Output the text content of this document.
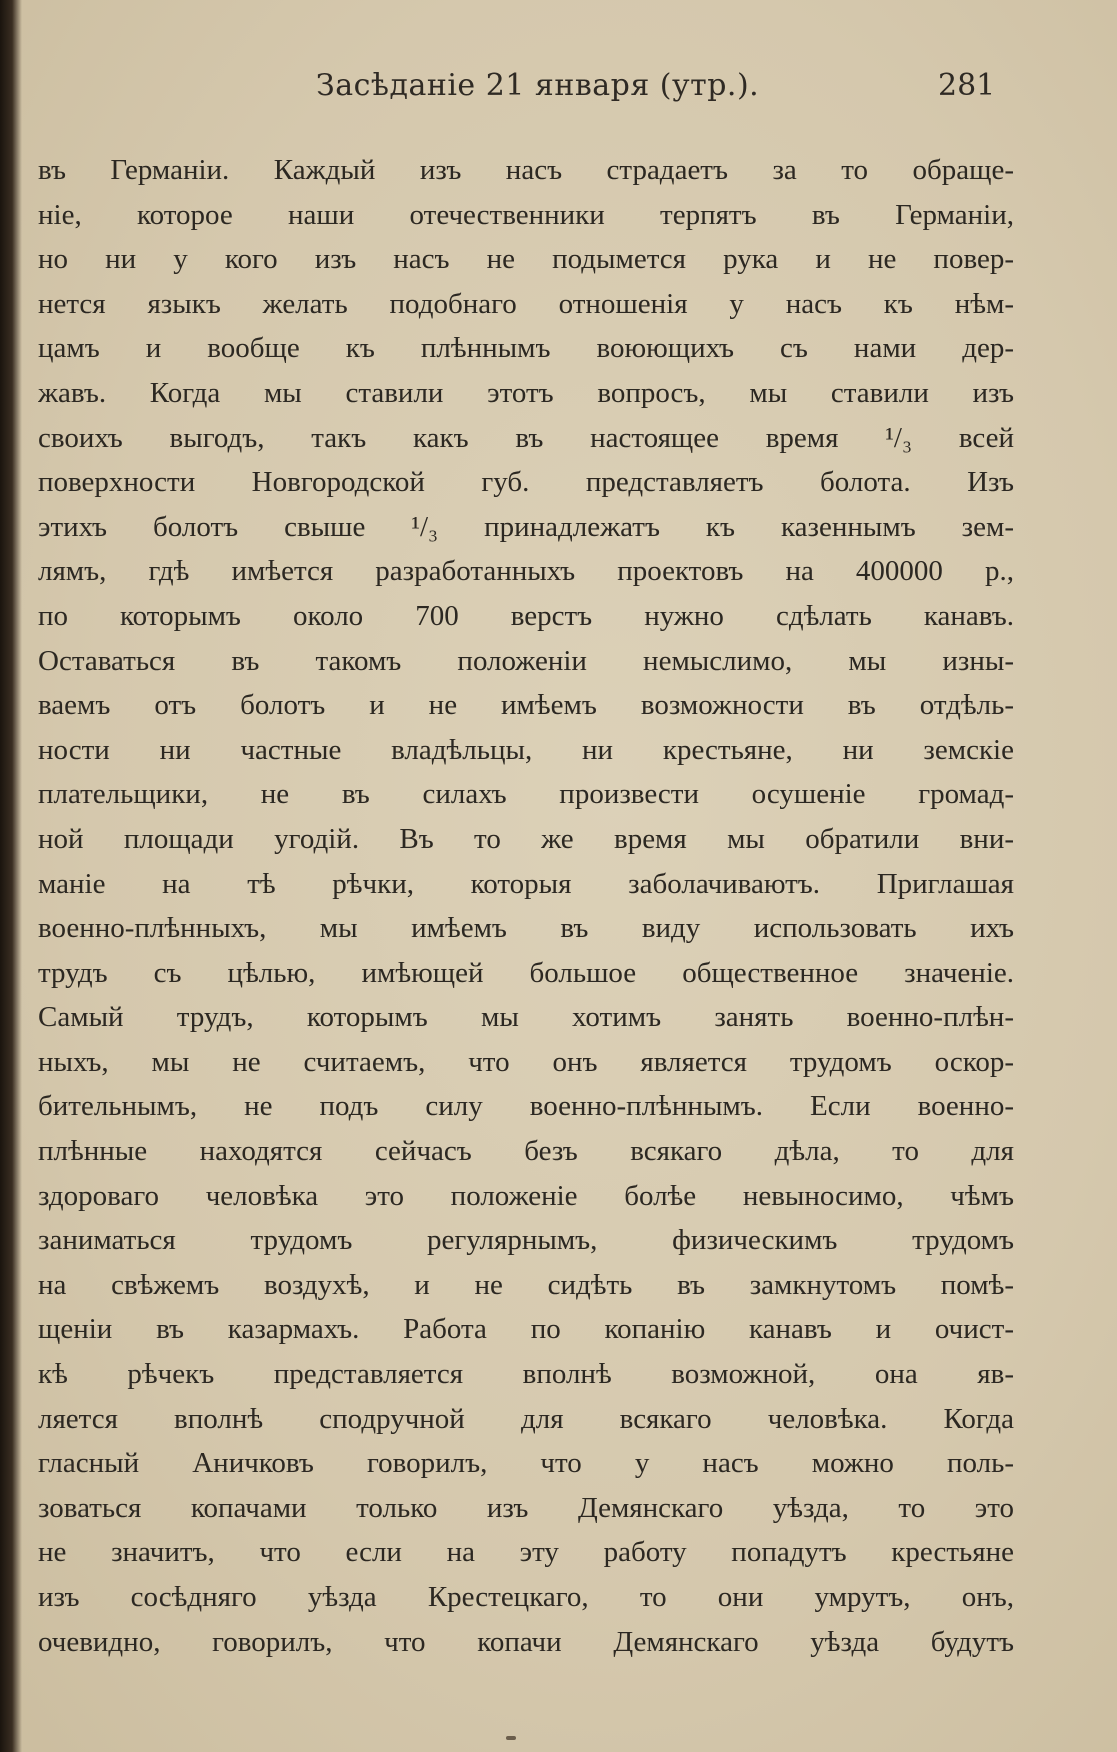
Засѣданіе 21 января (утр.).	281
въ Германіи. Каждый изъ насъ страдаетъ за то обраще-
ніе, которое наши отечественники терпятъ въ Германіи,
но ни у кого изъ насъ не подымется рука и не повер-
нется языкъ желать подобнаго отношенія у насъ къ нѣм-
цамъ и вообще къ плѣннымъ воюющихъ съ нами дер-
жавъ. Когда мы ставили этотъ вопросъ, мы ставили изъ
своихъ выгодъ, такъ какъ въ настоящее время ¹/₃ всей
поверхности Новгородской губ. представляетъ болота. Изъ
этихъ болотъ свыше ¹/₃ принадлежатъ къ казеннымъ зем-
лямъ, гдѣ имѣется разработанныхъ проектовъ на 400000 р.,
по которымъ около 700 верстъ нужно сдѣлать канавъ.
Оставаться въ такомъ положеніи немыслимо, мы изны-
ваемъ отъ болотъ и не имѣемъ возможности въ отдѣль-
ности ни частные владѣльцы, ни крестьяне, ни земскіе
плательщики, не въ силахъ произвести осушеніе громад-
ной площади угодій. Въ то же время мы обратили вни-
маніе на тѣ рѣчки, которыя заболачиваютъ. Приглашая
военно-плѣнныхъ, мы имѣемъ въ виду использовать ихъ
трудъ съ цѣлью, имѣющей большое общественное значеніе.
Самый трудъ, которымъ мы хотимъ занять военно-плѣн-
ныхъ, мы не считаемъ, что онъ является трудомъ оскор-
бительнымъ, не подъ силу военно-плѣннымъ. Если военно-
плѣнные находятся сейчасъ безъ всякаго дѣла, то для
здороваго человѣка это положеніе болѣе невыносимо, чѣмъ
заниматься трудомъ регулярнымъ, физическимъ трудомъ
на свѣжемъ воздухѣ, и не сидѣть въ замкнутомъ помѣ-
щеніи въ казармахъ. Работа по копанію канавъ и очист-
кѣ рѣчекъ представляется вполнѣ возможной, она яв-
ляется вполнѣ сподручной для всякаго человѣка. Когда
гласный Аничковъ говорилъ, что у насъ можно поль-
зоваться копачами только изъ Демянскаго уѣзда, то это
не значитъ, что если на эту работу попадутъ крестьяне
изъ сосѣдняго уѣзда Крестецкаго, то они умрутъ, онъ,
очевидно, говорилъ, что копачи Демянскаго уѣзда будутъ
